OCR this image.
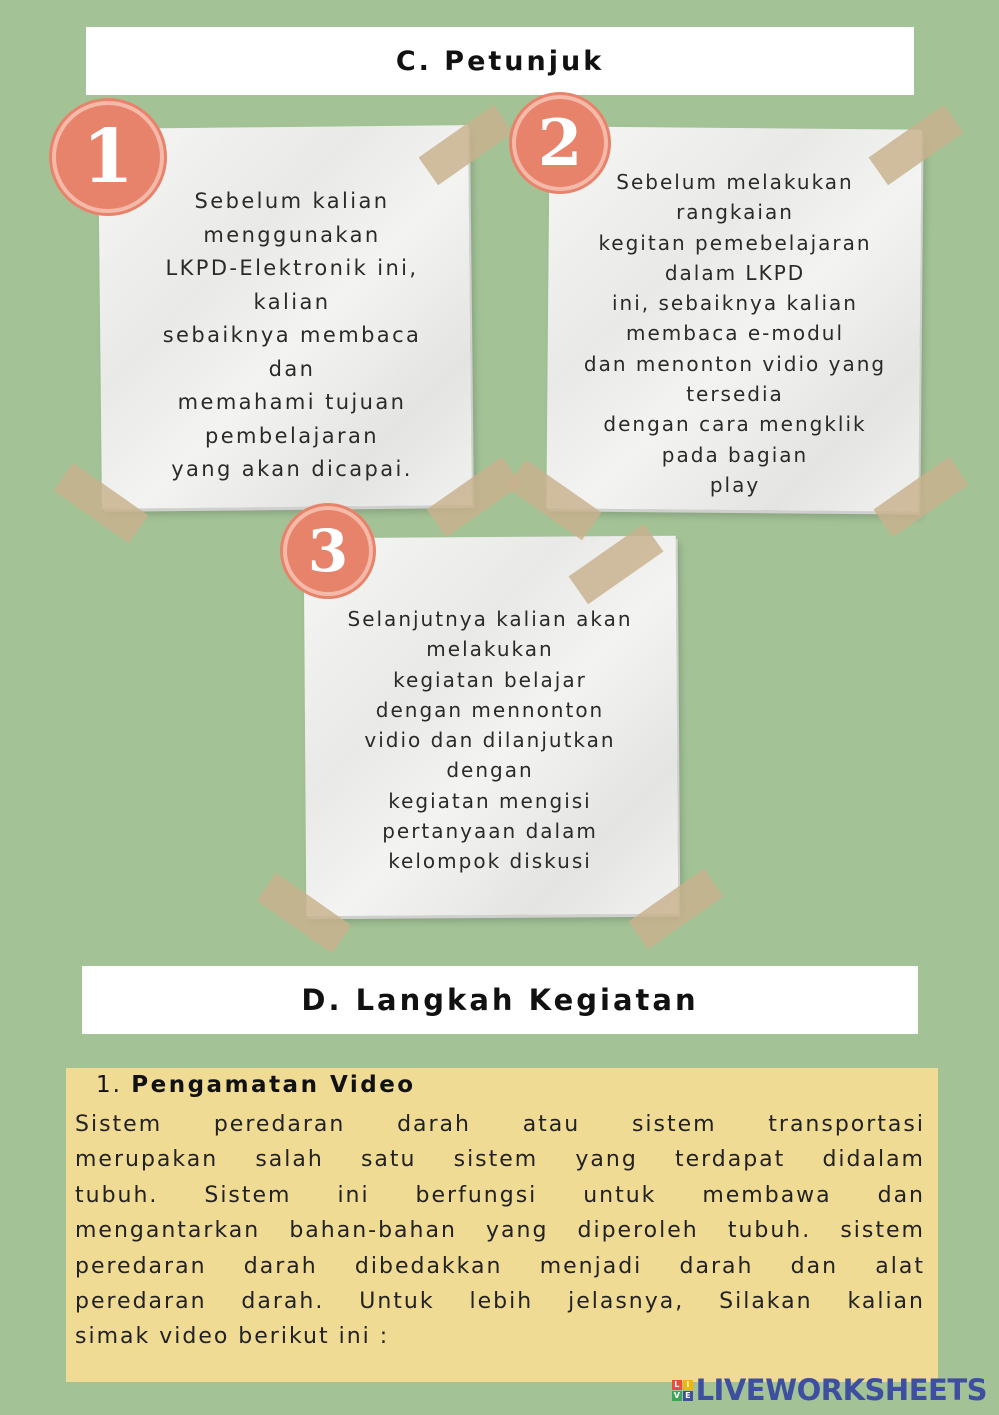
C. Petunjuk
1	2
3
Sebelum kalian
menggunakan
LKPD-Elektronik ini,
kalian
sebaiknya membaca
dan
memahami tujuan
pembelajaran
yang akan dicapai.
Sebelum melakukan
rangkaian
kegitan pemebelajaran
dalam LKPD
ini, sebaiknya kalian
membaca e-modul
dan menonton vidio yang
tersedia
dengan cara mengklik
pada bagian
play
Selanjutnya kalian akan
melakukan
kegiatan belajar
dengan mennonton
vidio dan dilanjutkan
dengan
kegiatan mengisi
pertanyaan dalam
kelompok diskusi
D. Langkah Kegiatan
1. Pengamatan Video
Sistem peredaran darah atau sistem transportasi
merupakan salah satu sistem yang terdapat didalam
tubuh. Sistem ini berfungsi untuk membawa dan
mengantarkan bahan-bahan yang diperoleh tubuh. sistem
peredaran darah dibedakkan menjadi darah dan alat
peredaran darah. Untuk lebih jelasnya, Silakan kalian
simak video berikut ini :
L I
V E LIVEWORKSHEETS
